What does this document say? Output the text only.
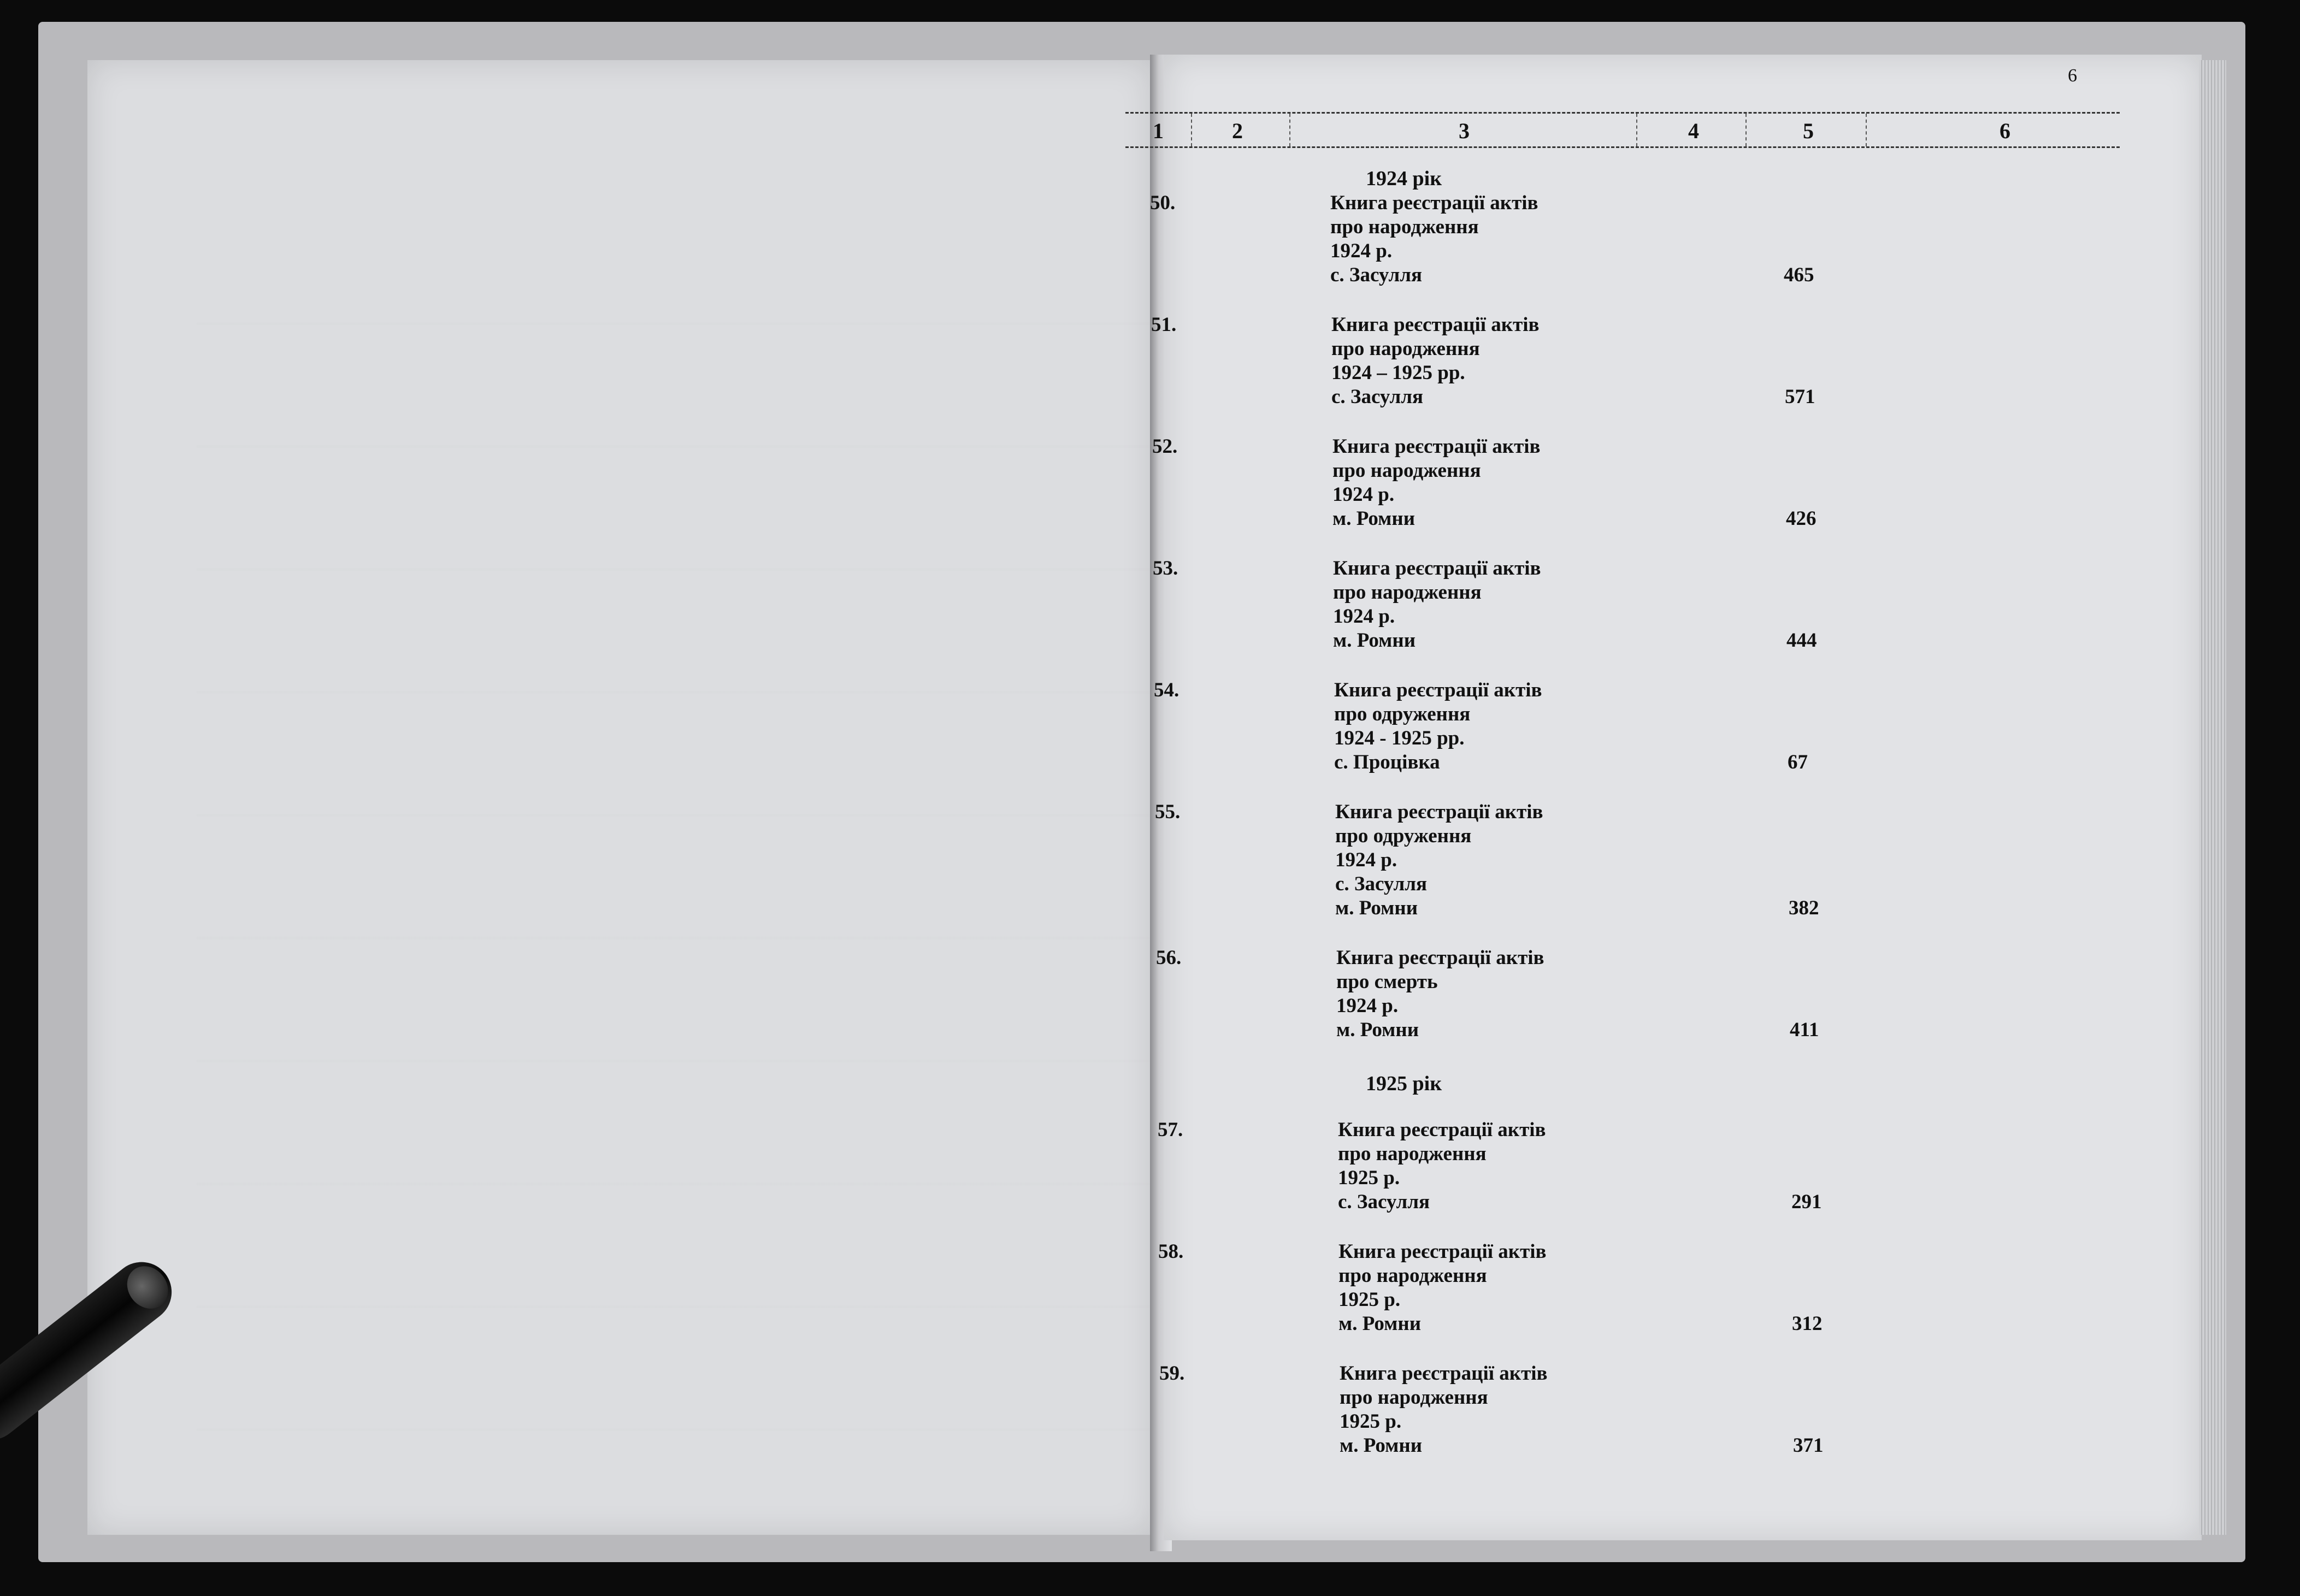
6
1	2	3	4	5	6
1924 рік
50.	Книга реєстрації актів
про народження
1924 р.
с. Засулля	465
51.	Книга реєстрації актів
про народження
1924 – 1925 рр.
с. Засулля	571
52.	Книга реєстрації актів
про народження
1924 р.
м. Ромни	426
53.	Книга реєстрації актів
про народження
1924 р.
м. Ромни	444
54.	Книга реєстрації актів
про одруження
1924 - 1925 рр.
с. Процівка	67
55.	Книга реєстрації актів
про одруження
1924 р.
с. Засулля
м. Ромни	382
56.	Книга реєстрації актів
про смерть
1924 р.
м. Ромни	411
1925 рік
57.	Книга реєстрації актів
про народження
1925 р.
с. Засулля	291
58.	Книга реєстрації актів
про народження
1925 р.
м. Ромни	312
59.	Книга реєстрації актів
про народження
1925 р.
м. Ромни	371
